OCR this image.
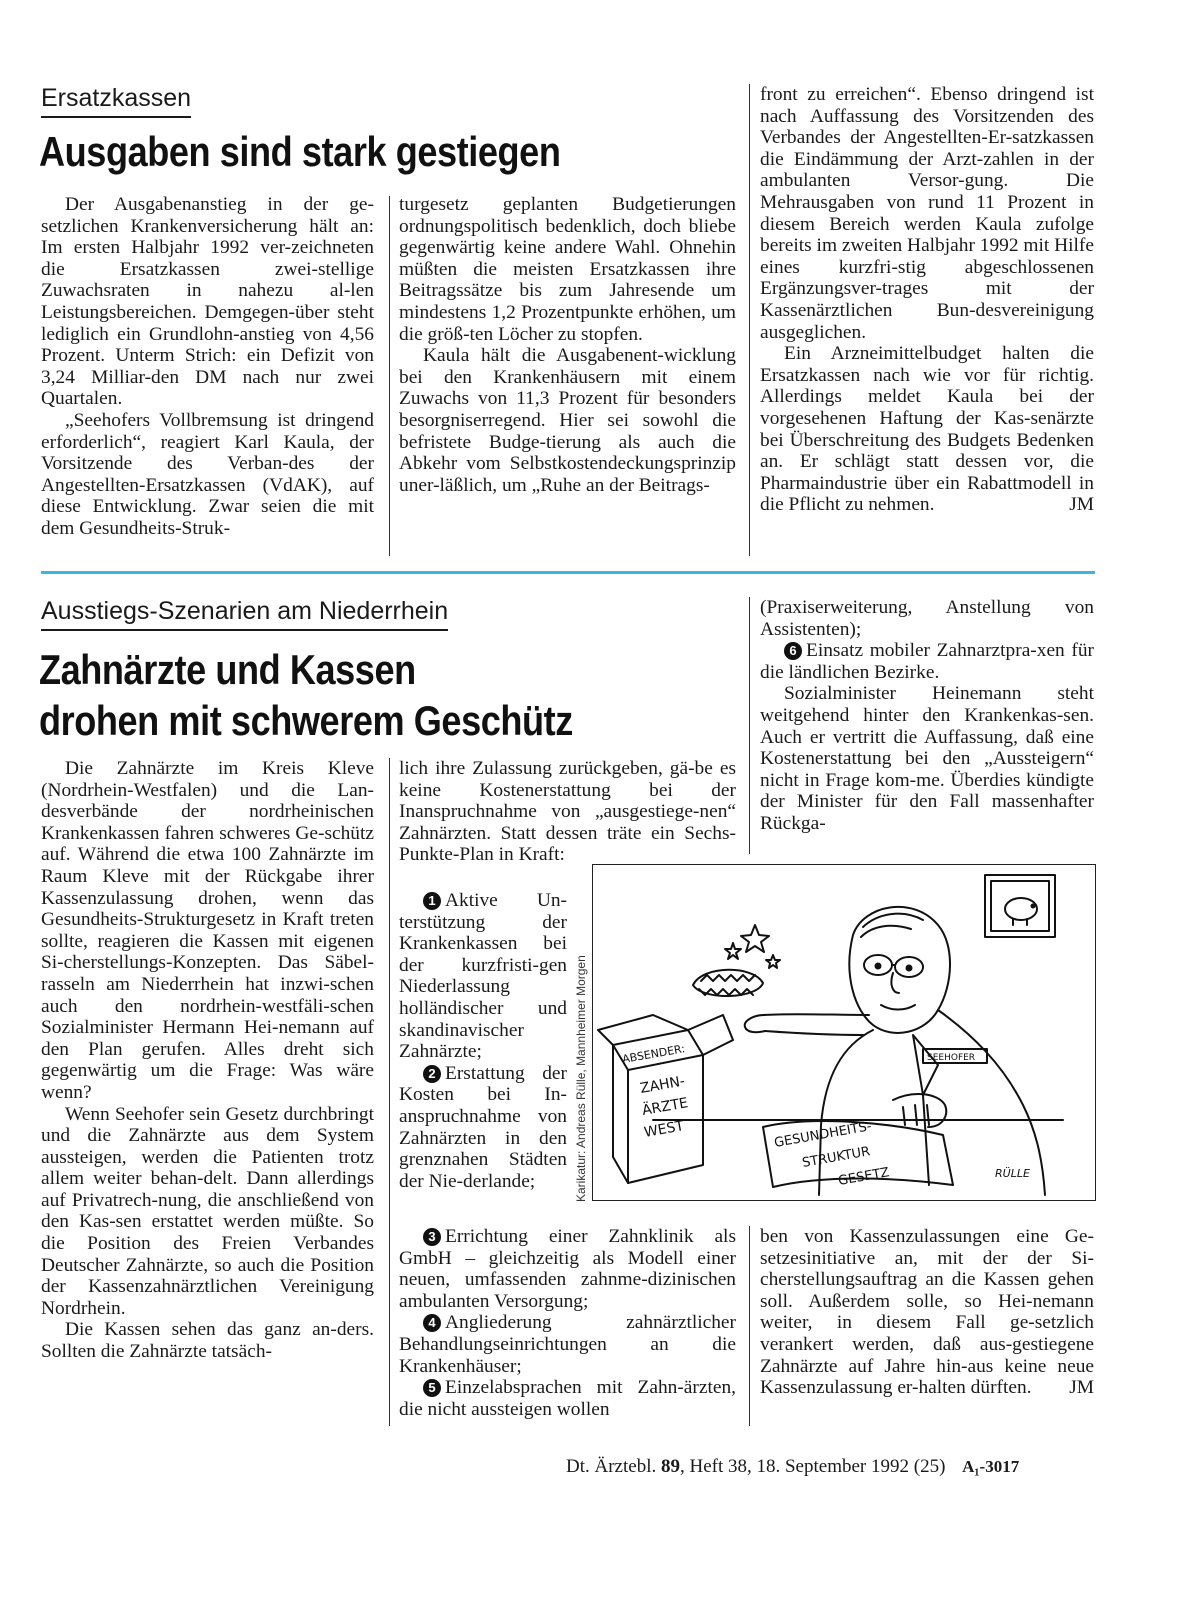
Ersatzkassen
Ausgaben sind stark gestiegen

Der Ausgabenanstieg in der ge-setzlichen Krankenversicherung hält an: Im ersten Halbjahr 1992 ver-zeichneten die Ersatzkassen zwei-stellige Zuwachsraten in nahezu al-len Leistungsbereichen. Demgegen-über steht lediglich ein Grundlohn-anstieg von 4,56 Prozent. Unterm Strich: ein Defizit von 3,24 Milliar-den DM nach nur zwei Quartalen.

„Seehofers Vollbremsung ist dringend erforderlich“, reagiert Karl Kaula, der Vorsitzende des Verban-des der Angestellten-Ersatzkassen (VdAK), auf diese Entwicklung. Zwar seien die mit dem Gesundheits-Struk-

turgesetz geplanten Budgetierungen ordnungspolitisch bedenklich, doch bliebe gegenwärtig keine andere Wahl. Ohnehin müßten die meisten Ersatzkassen ihre Beitragssätze bis zum Jahresende um mindestens 1,2 Prozentpunkte erhöhen, um die größ-ten Löcher zu stopfen.

Kaula hält die Ausgabenent-wicklung bei den Krankenhäusern mit einem Zuwachs von 11,3 Prozent für besonders besorgniserregend. Hier sei sowohl die befristete Budge-tierung als auch die Abkehr vom Selbstkostendeckungsprinzip uner-läßlich, um „Ruhe an der Beitrags-

front zu erreichen“. Ebenso dringend ist nach Auffassung des Vorsitzenden des Verbandes der Angestellten-Er-satzkassen die Eindämmung der Arzt-zahlen in der ambulanten Versor-gung. Die Mehrausgaben von rund 11 Prozent in diesem Bereich werden Kaula zufolge bereits im zweiten Halbjahr 1992 mit Hilfe eines kurzfri-stig abgeschlossenen Ergänzungsver-trages mit der Kassenärztlichen Bun-desvereinigung ausgeglichen.

Ein Arzneimittelbudget halten die Ersatzkassen nach wie vor für richtig. Allerdings meldet Kaula bei der vorgesehenen Haftung der Kas-senärzte bei Überschreitung des Budgets Bedenken an. Er schlägt statt dessen vor, die Pharmaindustrie über ein Rabattmodell in die Pflicht zu nehmen.	JM
Ausstiegs-Szenarien am Niederrhein
Zahnärzte und Kassen
drohen mit schwerem Geschütz

Die Zahnärzte im Kreis Kleve (Nordrhein-Westfalen) und die Lan-desverbände der nordrheinischen Krankenkassen fahren schweres Ge-schütz auf. Während die etwa 100 Zahnärzte im Raum Kleve mit der Rückgabe ihrer Kassenzulassung drohen, wenn das Gesundheits-Strukturgesetz in Kraft treten sollte, reagieren die Kassen mit eigenen Si-cherstellungs-Konzepten. Das Säbel-rasseln am Niederrhein hat inzwi-schen auch den nordrhein-westfäli-schen Sozialminister Hermann Hei-nemann auf den Plan gerufen. Alles dreht sich gegenwärtig um die Frage: Was wäre wenn?

Wenn Seehofer sein Gesetz durchbringt und die Zahnärzte aus dem System aussteigen, werden die Patienten trotz allem weiter behan-delt. Dann allerdings auf Privatrech-nung, die anschließend von den Kas-sen erstattet werden müßte. So die Position des Freien Verbandes Deutscher Zahnärzte, so auch die Position der Kassenzahnärztlichen Vereinigung Nordrhein.

Die Kassen sehen das ganz an-ders. Sollten die Zahnärzte tatsäch-

lich ihre Zulassung zurückgeben, gä-be es keine Kostenerstattung bei der Inanspruchnahme von „ausgestiege-nen“ Zahnärzten. Statt dessen träte ein Sechs-Punkte-Plan in Kraft:

1 Aktive Un-terstützung der Krankenkassen bei der kurzfristi-gen Niederlassung holländischer und skandinavischer Zahnärzte;

2 Erstattung der Kosten bei In-anspruchnahme von Zahnärzten in den grenznahen Städten der Nie-derlande;

3 Errichtung einer Zahnklinik als GmbH – gleichzeitig als Modell einer neuen, umfassenden zahnme-dizinischen ambulanten Versorgung;

4 Angliederung zahnärztlicher Behandlungseinrichtungen an die Krankenhäuser;

5 Einzelabsprachen mit Zahn-ärzten, die nicht aussteigen wollen

(Praxiserweiterung, Anstellung von Assistenten);

6 Einsatz mobiler Zahnarztpra-xen für die ländlichen Bezirke.

Sozialminister Heinemann steht weitgehend hinter den Krankenkas-sen. Auch er vertritt die Auffassung, daß eine Kostenerstattung bei den „Aussteigern“ nicht in Frage kom-me. Überdies kündigte der Minister für den Fall massenhafter Rückga-

ben von Kassenzulassungen eine Ge-setzesinitiative an, mit der der Si-cherstellungsauftrag an die Kassen gehen soll. Außerdem solle, so Hei-nemann weiter, in diesem Fall ge-setzlich verankert werden, daß aus-gestiegene Zahnärzte auf Jahre hin-aus keine neue Kassenzulassung er-halten dürften.	JM
Karikatur: Andreas Rülle, Mannheimer Morgen	ABSENDER:
ZAHN-
ÄRZTE
WEST	GESUNDHEITS-
STRUKTUR
GESETZ
SEEHOFER
RÜLLE
Dt. Ärztebl. 89, Heft 38, 18. September 1992 (25) A₁-3017
